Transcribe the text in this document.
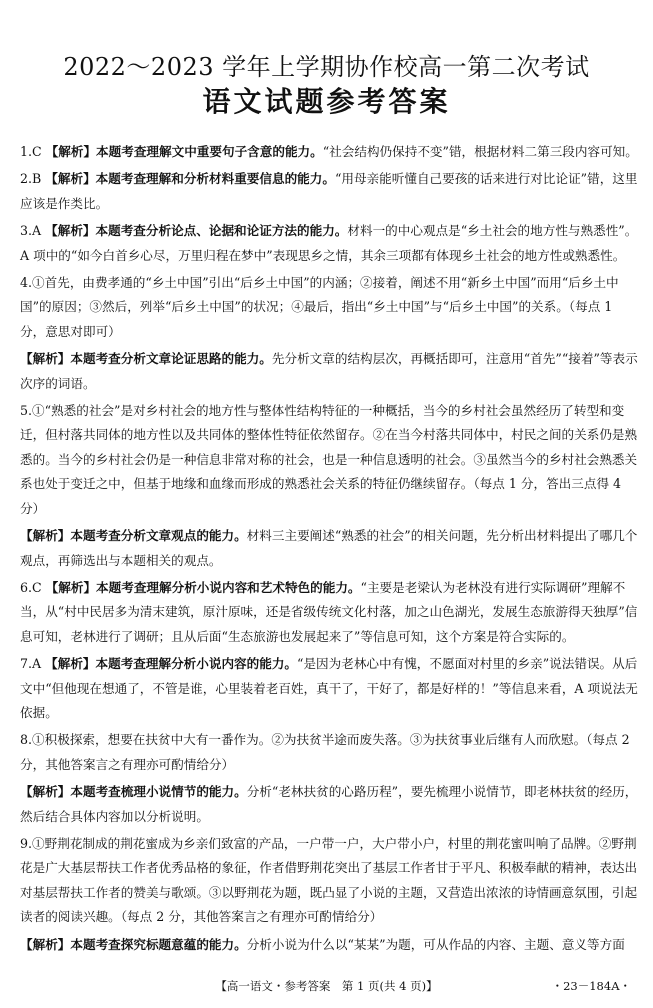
2022～2023 学年上学期协作校高一第二次考试
语文试题参考答案

1.C 【解析】本题考查理解文中重要句子含意的能力。“社会结构仍保持不变”错，根据材料二第三段内容可知。

2.B 【解析】本题考查理解和分析材料重要信息的能力。“用母亲能听懂自己要孩的话来进行对比论证”错，这里应该是作类比。

3.A 【解析】本题考查分析论点、论据和论证方法的能力。材料一的中心观点是“乡土社会的地方性与熟悉性”。A 项中的“如今白首乡心尽，万里归程在梦中”表现思乡之情，其余三项都有体现乡土社会的地方性或熟悉性。

4.①首先，由费孝通的“乡土中国”引出“后乡土中国”的内涵；②接着，阐述不用“新乡土中国”而用“后乡土中国”的原因；③然后，列举“后乡土中国”的状况；④最后，指出“乡土中国”与“后乡土中国”的关系。（每点 1 分，意思对即可）

【解析】本题考查分析文章论证思路的能力。先分析文章的结构层次，再概括即可，注意用“首先”“接着”等表示次序的词语。

5.①“熟悉的社会”是对乡村社会的地方性与整体性结构特征的一种概括，当今的乡村社会虽然经历了转型和变迁，但村落共同体的地方性以及共同体的整体性特征依然留存。②在当今村落共同体中，村民之间的关系仍是熟悉的。当今的乡村社会仍是一种信息非常对称的社会，也是一种信息透明的社会。③虽然当今的乡村社会熟悉关系也处于变迁之中，但基于地缘和血缘而形成的熟悉社会关系的特征仍继续留存。（每点 1 分，答出三点得 4 分）

【解析】本题考查分析文章观点的能力。材料三主要阐述“熟悉的社会”的相关问题，先分析出材料提出了哪几个观点，再筛选出与本题相关的观点。

6.C 【解析】本题考查理解分析小说内容和艺术特色的能力。“主要是老梁认为老林没有进行实际调研”理解不当，从“村中民居多为清末建筑，原汁原味，还是省级传统文化村落，加之山色湖光，发展生态旅游得天独厚”信息可知，老林进行了调研；且从后面“生态旅游也发展起来了”等信息可知，这个方案是符合实际的。

7.A 【解析】本题考查理解分析小说内容的能力。“是因为老林心中有愧，不愿面对村里的乡亲”说法错误。从后文中“但他现在想通了，不管是谁，心里装着老百姓，真干了，干好了，都是好样的！”等信息来看，A 项说法无依据。

8.①积极探索，想要在扶贫中大有一番作为。②为扶贫半途而废失落。③为扶贫事业后继有人而欣慰。（每点 2 分，其他答案言之有理亦可酌情给分）

【解析】本题考查梳理小说情节的能力。分析“老林扶贫的心路历程”，要先梳理小说情节，即老林扶贫的经历，然后结合具体内容加以分析说明。

9.①野荆花制成的荆花蜜成为乡亲们致富的产品，一户带一户，大户带小户，村里的荆花蜜叫响了品牌。②野荆花是广大基层帮扶工作者优秀品格的象征，作者借野荆花突出了基层工作者甘于平凡、积极奉献的精神，表达出对基层帮扶工作者的赞美与歌颂。③以野荆花为题，既凸显了小说的主题，又营造出浓浓的诗情画意氛围，引起读者的阅读兴趣。（每点 2 分，其他答案言之有理亦可酌情给分）

【解析】本题考查探究标题意蕴的能力。分析小说为什么以“某某”为题，可从作品的内容、主题、意义等方面

【高一语文・参考答案　第 1 页(共 4 页)】	・23－184A・
